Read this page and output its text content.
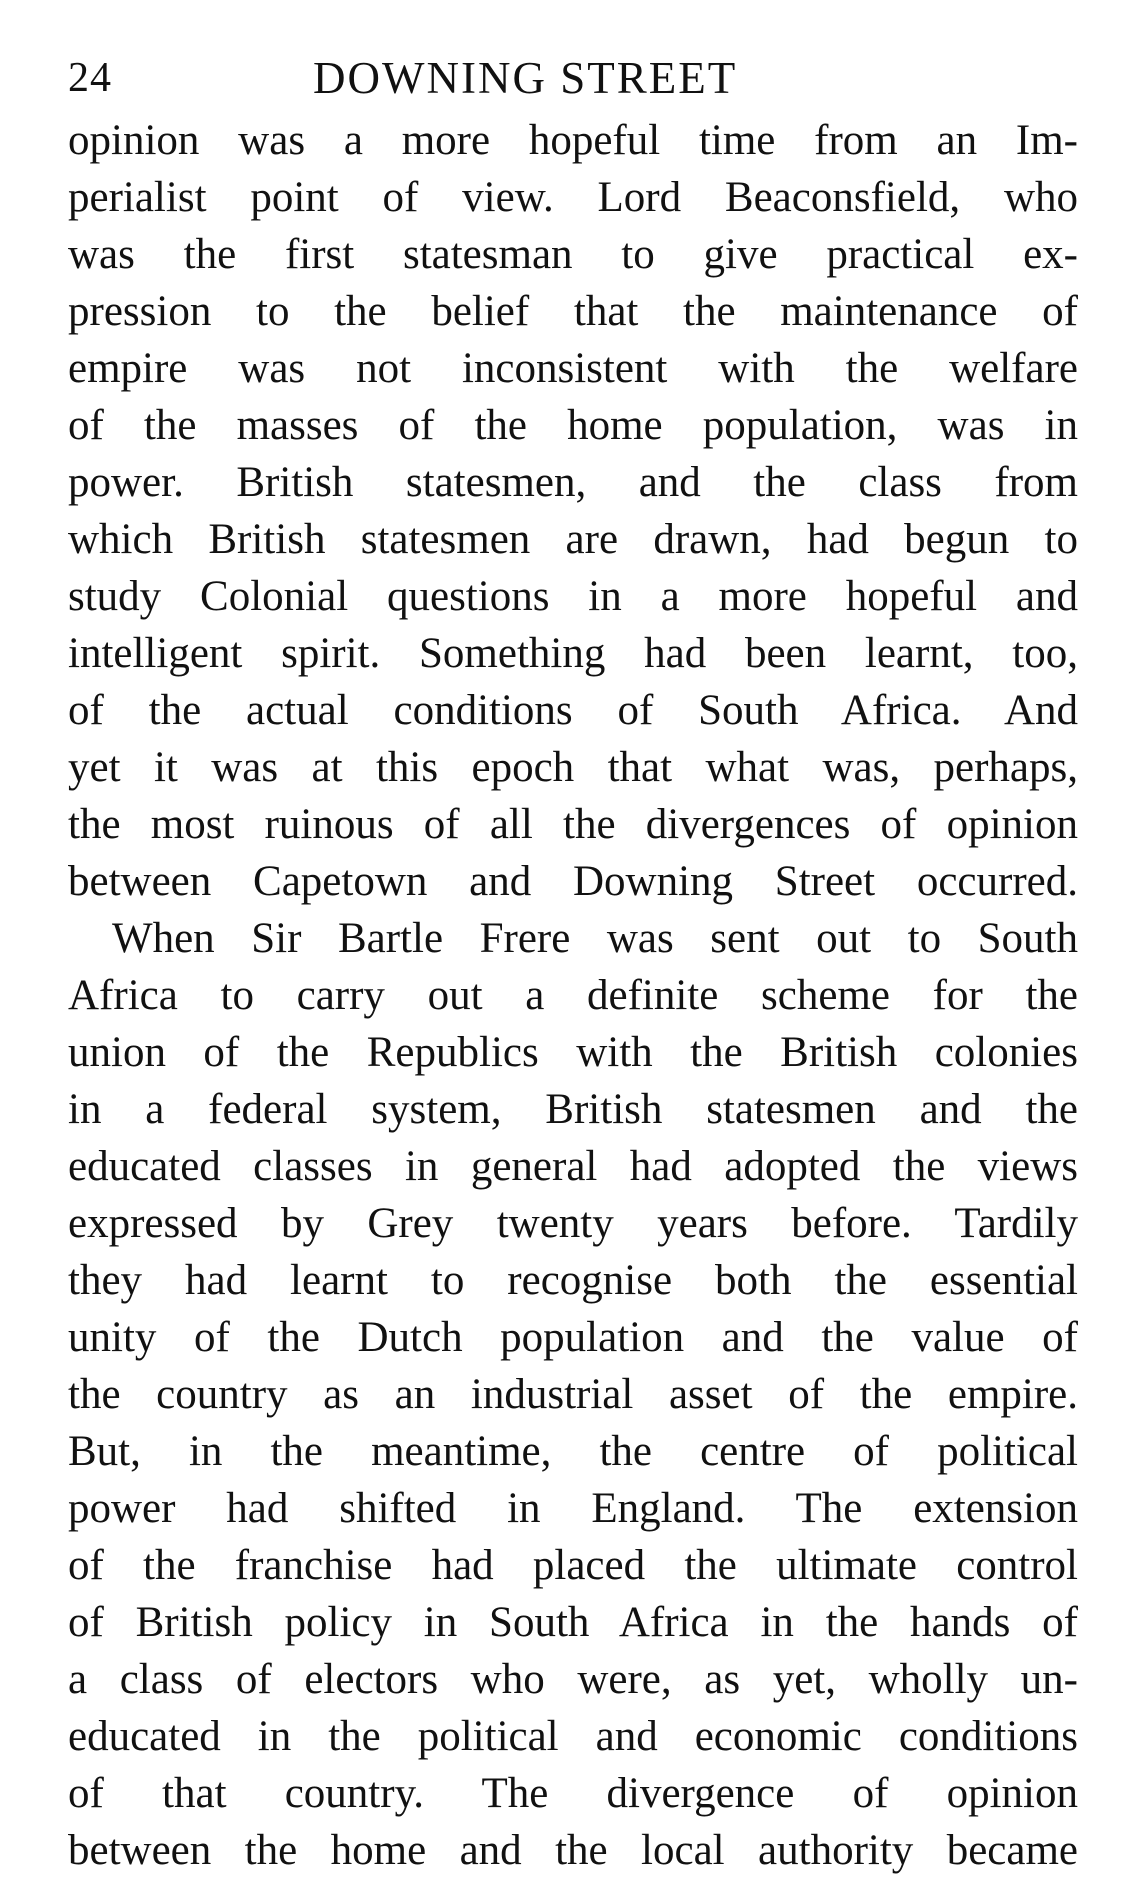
24	DOWNING STREET
opinion was a more hopeful time from an Im-
perialist point of view. Lord Beaconsfield, who
was the first statesman to give practical ex-
pression to the belief that the maintenance of
empire was not inconsistent with the welfare
of the masses of the home population, was in
power. British statesmen, and the class from
which British statesmen are drawn, had begun to
study Colonial questions in a more hopeful and
intelligent spirit. Something had been learnt, too,
of the actual conditions of South Africa. And
yet it was at this epoch that what was, perhaps,
the most ruinous of all the divergences of opinion
between Capetown and Downing Street occurred.
When Sir Bartle Frere was sent out to South
Africa to carry out a definite scheme for the
union of the Republics with the British colonies
in a federal system, British statesmen and the
educated classes in general had adopted the views
expressed by Grey twenty years before. Tardily
they had learnt to recognise both the essential
unity of the Dutch population and the value of
the country as an industrial asset of the empire.
But, in the meantime, the centre of political
power had shifted in England. The extension
of the franchise had placed the ultimate control
of British policy in South Africa in the hands of
a class of electors who were, as yet, wholly un-
educated in the political and economic conditions
of that country. The divergence of opinion
between the home and the local authority became
